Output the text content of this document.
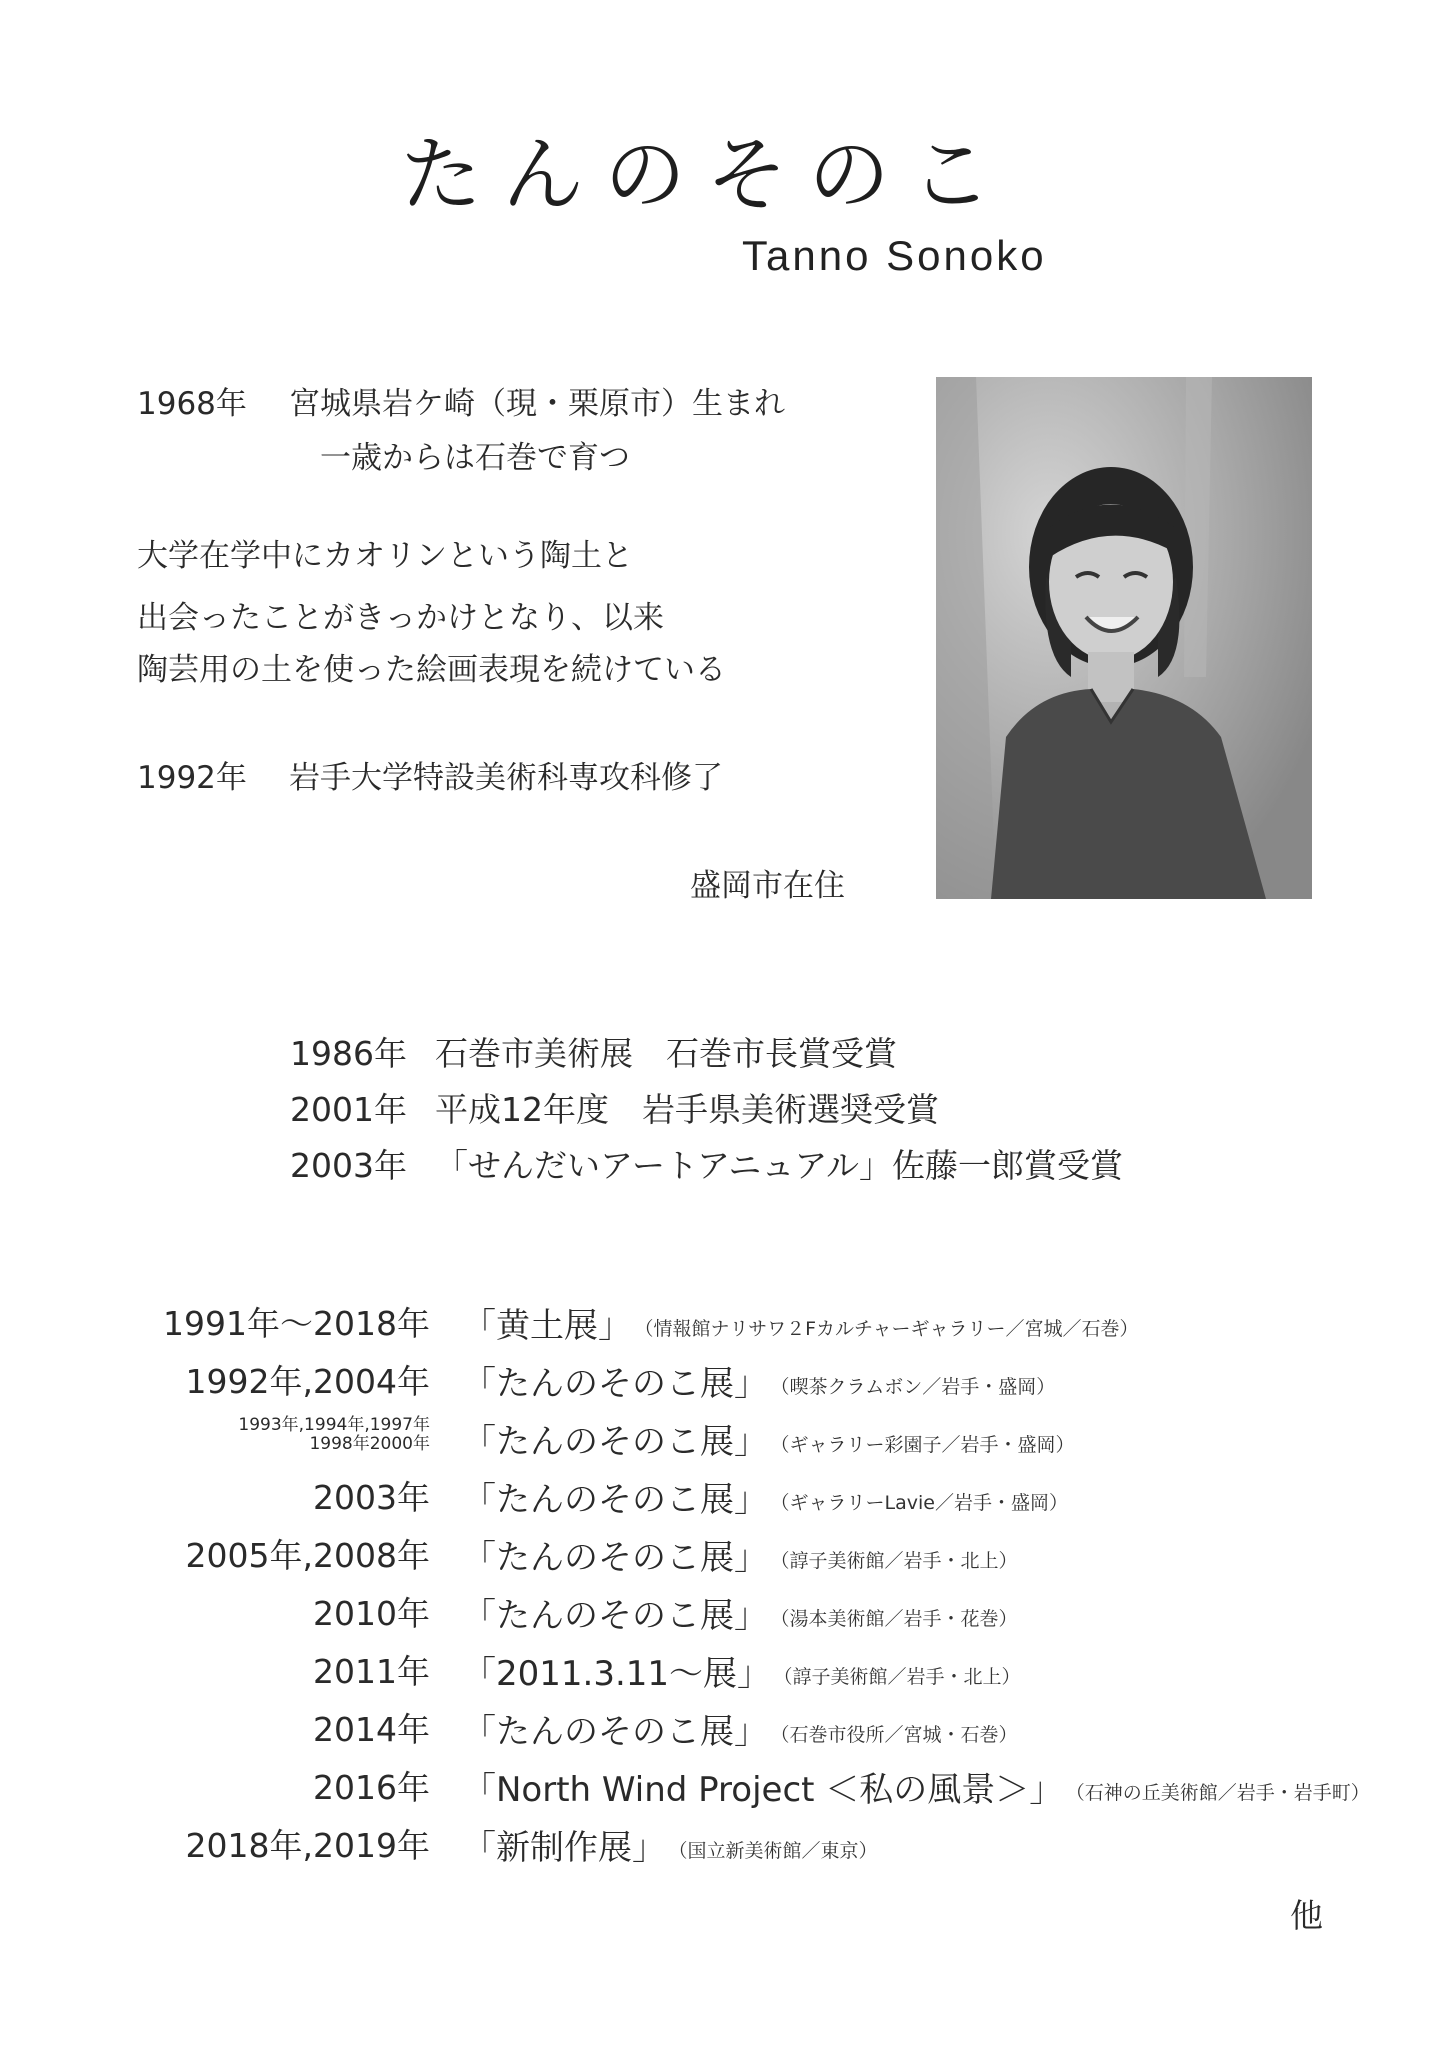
たんのそのこ
Tanno Sonoko
1968年 宮城県岩ケ崎（現・栗原市）生まれ
一歳からは石巻で育つ
大学在学中にカオリンという陶土と
出会ったことがきっかけとなり、以来
陶芸用の土を使った絵画表現を続けている
1992年 岩手大学特設美術科専攻科修了
盛岡市在住
1986年 石巻市美術展　石巻市長賞受賞
2001年 平成12年度　岩手県美術選奨受賞
2003年 「せんだいアートアニュアル」佐藤一郎賞受賞
1991年〜2018年 「黄土展」 （情報館ナリサワ２Fカルチャーギャラリー／宮城／石巻）
1992年,2004年 「たんのそのこ展」 （喫茶クラムボン／岩手・盛岡）
1993年,1994年,1997年
1998年2000年 「たんのそのこ展」 （ギャラリー彩園子／岩手・盛岡）
2003年 「たんのそのこ展」 （ギャラリーLavie／岩手・盛岡）
2005年,2008年 「たんのそのこ展」 （諄子美術館／岩手・北上）
2010年 「たんのそのこ展」 （湯本美術館／岩手・花巻）
2011年 「2011.3.11〜展」 （諄子美術館／岩手・北上）
2014年 「たんのそのこ展」 （石巻市役所／宮城・石巻）
2016年 「North Wind Project ＜私の風景＞」 （石神の丘美術館／岩手・岩手町）
2018年,2019年 「新制作展」 （国立新美術館／東京）
他
